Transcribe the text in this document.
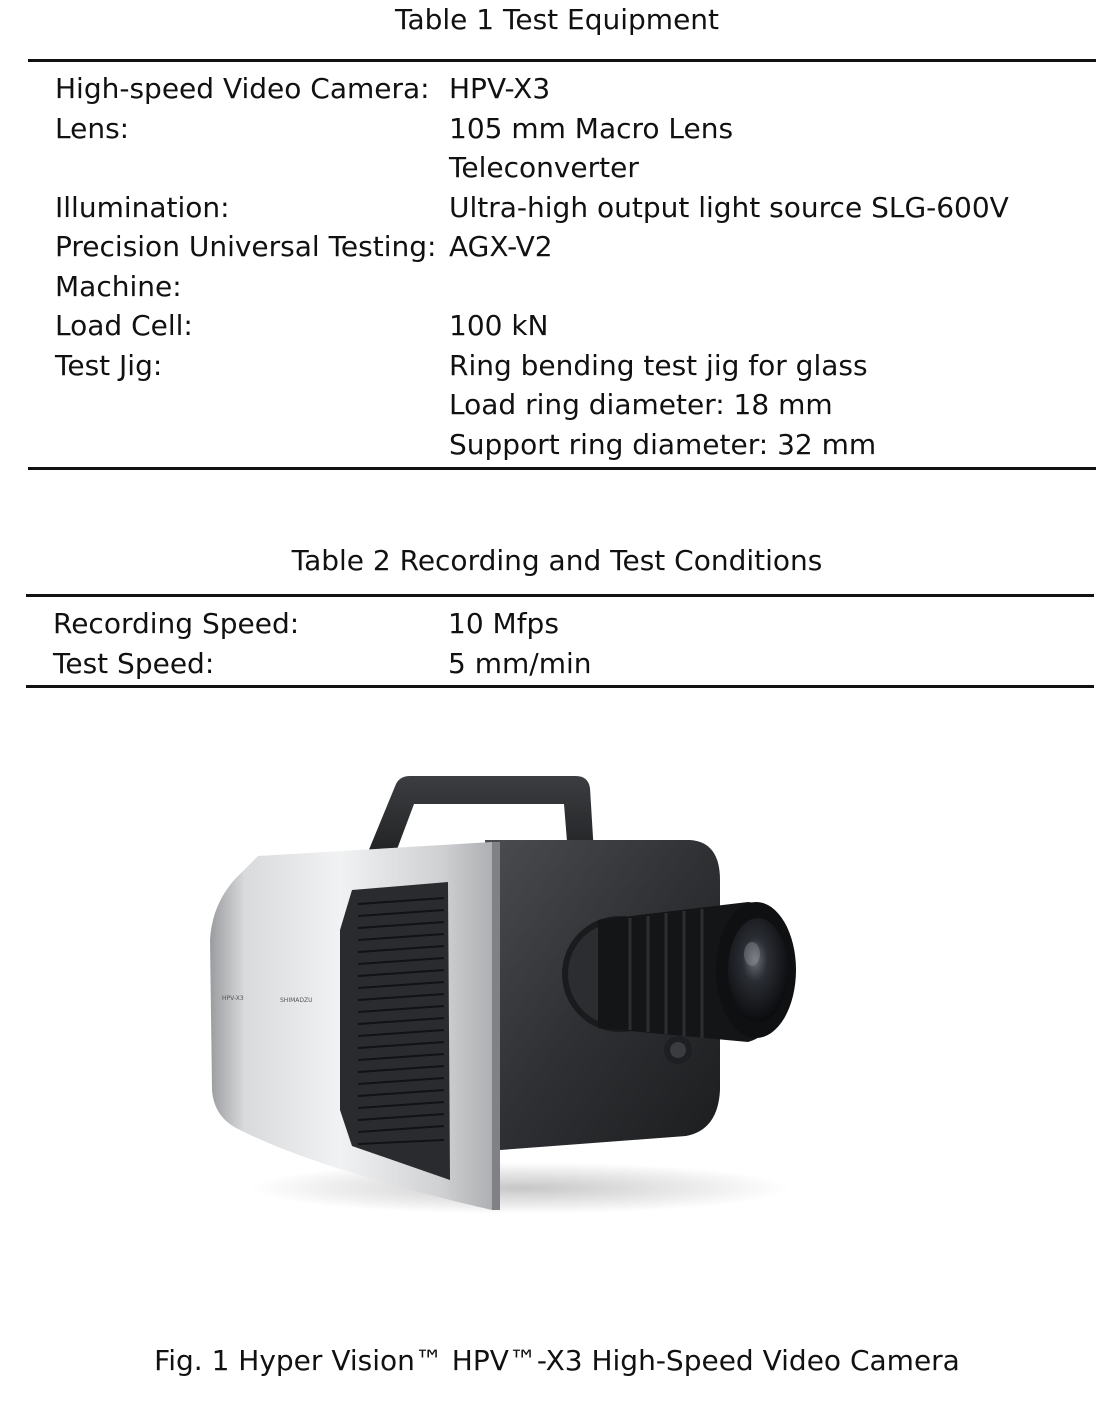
Table 1 Test Equipment
High-speed Video Camera: HPV-X3
Lens:	105 mm Macro Lens
Teleconverter
Illumination:	Ultra-high output light source SLG-600V
Precision Universal Testing: AGX-V2
Machine:
Load Cell:	100 kN
Test Jig:	Ring bending test jig for glass
Load ring diameter: 18 mm
Support ring diameter: 32 mm
Table 2 Recording and Test Conditions
Recording Speed:	10 Mfps
Test Speed:	5 mm/min
HPV-X3	SHIMADZU
Fig. 1 Hyper Vision™ HPV™-X3 High-Speed Video Camera
